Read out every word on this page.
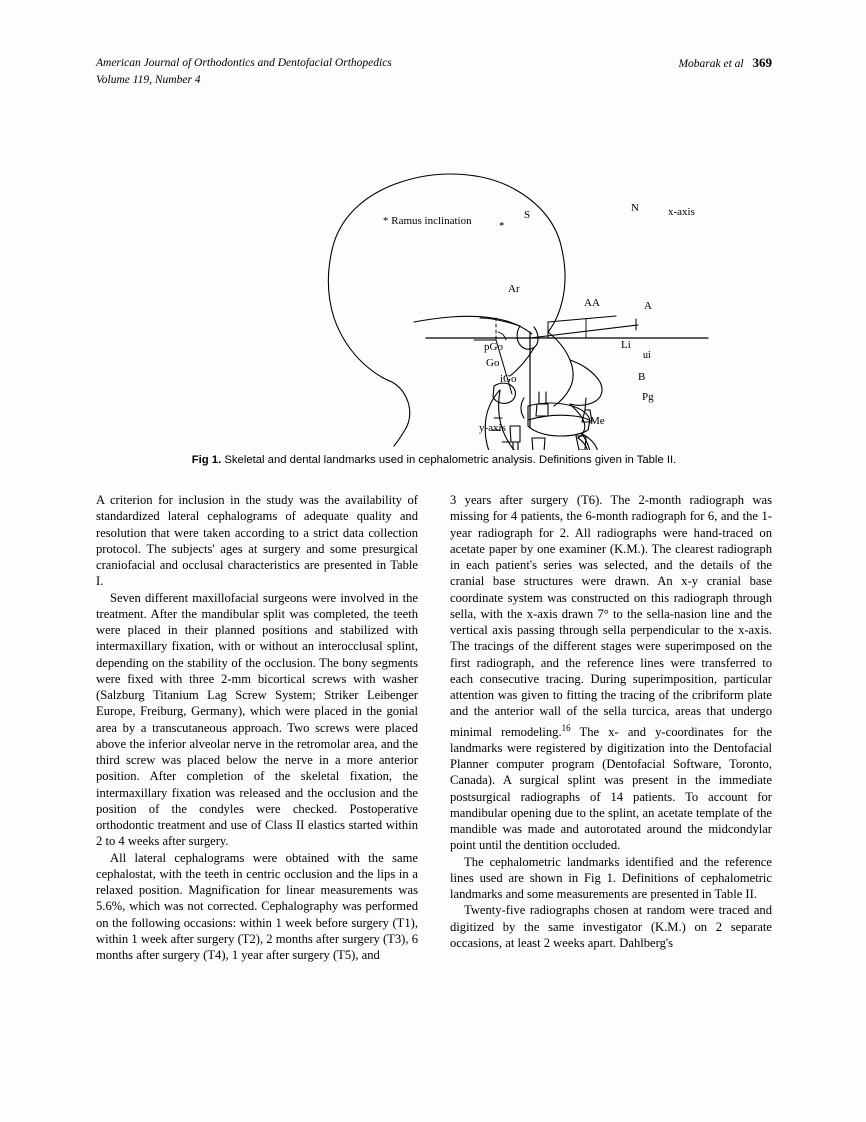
Mobarak et al 369
American Journal of Orthodontics and Dentofacial Orthopedics
Volume 119, Number 4
* Ramus inclination *
S
N	x-axis
Ar
AA	A
Li
ui
B
Pg
Me
pGo
Go
iGo
y-axis
Fig 1. Skeletal and dental landmarks used in cephalometric analysis. Definitions given in Table II.

A criterion for inclusion in the study was the availability of standardized lateral cephalograms of adequate quality and resolution that were taken according to a strict data collection protocol. The subjects' ages at surgery and some presurgical craniofacial and occlusal characteristics are presented in Table I.

Seven different maxillofacial surgeons were involved in the treatment. After the mandibular split was completed, the teeth were placed in their planned positions and stabilized with intermaxillary fixation, with or without an interocclusal splint, depending on the stability of the occlusion. The bony segments were fixed with three 2-mm bicortical screws with washer (Salzburg Titanium Lag Screw System; Striker Leibenger Europe, Freiburg, Germany), which were placed in the gonial area by a transcutaneous approach. Two screws were placed above the inferior alveolar nerve in the retromolar area, and the third screw was placed below the nerve in a more anterior position. After completion of the skeletal fixation, the intermaxillary fixation was released and the occlusion and the position of the condyles were checked. Postoperative orthodontic treatment and use of Class II elastics started within 2 to 4 weeks after surgery.

All lateral cephalograms were obtained with the same cephalostat, with the teeth in centric occlusion and the lips in a relaxed position. Magnification for linear measurements was 5.6%, which was not corrected. Cephalography was performed on the following occasions: within 1 week before surgery (T1), within 1 week after surgery (T2), 2 months after surgery (T3), 6 months after surgery (T4), 1 year after surgery (T5), and

3 years after surgery (T6). The 2-month radiograph was missing for 4 patients, the 6-month radiograph for 6, and the 1-year radiograph for 2. All radiographs were hand-traced on acetate paper by one examiner (K.M.). The clearest radiograph in each patient's series was selected, and the details of the cranial base structures were drawn. An x-y cranial base coordinate system was constructed on this radiograph through sella, with the x-axis drawn 7° to the sella-nasion line and the vertical axis passing through sella perpendicular to the x-axis. The tracings of the different stages were superimposed on the first radiograph, and the reference lines were transferred to each consecutive tracing. During superimposition, particular attention was given to fitting the tracing of the cribriform plate and the anterior wall of the sella turcica, areas that undergo minimal remodeling.$^{16}$ The x- and y-coordinates for the landmarks were registered by digitization into the Dentofacial Planner computer program (Dentofacial Software, Toronto, Canada). A surgical splint was present in the immediate postsurgical radiographs of 14 patients. To account for mandibular opening due to the splint, an acetate template of the mandible was made and autorotated around the midcondylar point until the dentition occluded.

The cephalometric landmarks identified and the reference lines used are shown in Fig 1. Definitions of cephalometric landmarks and some measurements are presented in Table II.

Twenty-five radiographs chosen at random were traced and digitized by the same investigator (K.M.) on 2 separate occasions, at least 2 weeks apart. Dahlberg's
